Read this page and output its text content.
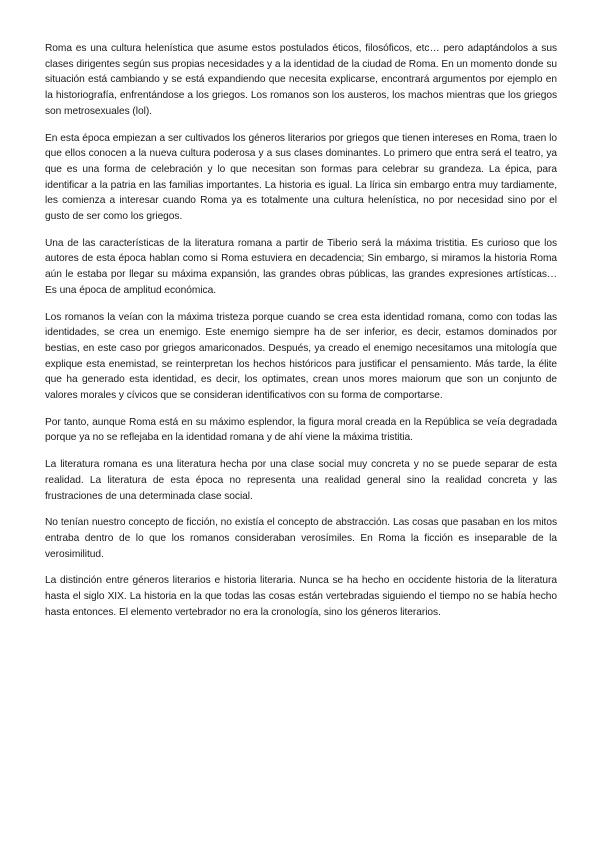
Roma es una cultura helenística que asume estos postulados éticos, filosóficos, etc… pero adaptándolos a sus clases dirigentes según sus propias necesidades y a la identidad de la ciudad de Roma. En un momento donde su situación está cambiando y se está expandiendo que necesita explicarse, encontrará argumentos por ejemplo en la historiografía, enfrentándose a los griegos. Los romanos son los austeros, los machos mientras que los griegos son metrosexuales (lol).

En esta época empiezan a ser cultivados los géneros literarios por griegos que tienen intereses en Roma, traen lo que ellos conocen a la nueva cultura poderosa y a sus clases dominantes. Lo primero que entra será el teatro, ya que es una forma de celebración y lo que necesitan son formas para celebrar su grandeza. La épica, para identificar a la patria en las familias importantes. La historia es igual. La lírica sin embargo entra muy tardiamente, les comienza a interesar cuando Roma ya es totalmente una cultura helenística, no por necesidad sino por el gusto de ser como los griegos.

Una de las características de la literatura romana a partir de Tiberio será la máxima tristitia. Es curioso que los autores de esta época hablan como si Roma estuviera en decadencia; Sin embargo, si miramos la historia Roma aún le estaba por llegar su máxima expansión, las grandes obras públicas, las grandes expresiones artísticas… Es una época de amplitud económica.

Los romanos la veían con la máxima tristeza porque cuando se crea esta identidad romana, como con todas las identidades, se crea un enemigo. Este enemigo siempre ha de ser inferior, es decir, estamos dominados por bestias, en este caso por griegos amariconados. Después, ya creado el enemigo necesitamos una mitología que explique esta enemistad, se reinterpretan los hechos históricos para justificar el pensamiento. Más tarde, la élite que ha generado esta identidad, es decir, los optimates, crean unos mores maiorum que son un conjunto de valores morales y cívicos que se consideran identificativos con su forma de comportarse.

Por tanto, aunque Roma está en su máximo esplendor, la figura moral creada en la República se veía degradada porque ya no se reflejaba en la identidad romana y de ahí viene la máxima tristitia.

La literatura romana es una literatura hecha por una clase social muy concreta y no se puede separar de esta realidad. La literatura de esta época no representa una realidad general sino la realidad concreta y las frustraciones de una determinada clase social.

No tenían nuestro concepto de ficción, no existía el concepto de abstracción. Las cosas que pasaban en los mitos entraba dentro de lo que los romanos consideraban verosímiles. En Roma la ficción es inseparable de la verosimilitud.

La distinción entre géneros literarios e historia literaria. Nunca se ha hecho en occidente historia de la literatura hasta el siglo XIX. La historia en la que todas las cosas están vertebradas siguiendo el tiempo no se había hecho hasta entonces. El elemento vertebrador no era la cronología, sino los géneros literarios.
